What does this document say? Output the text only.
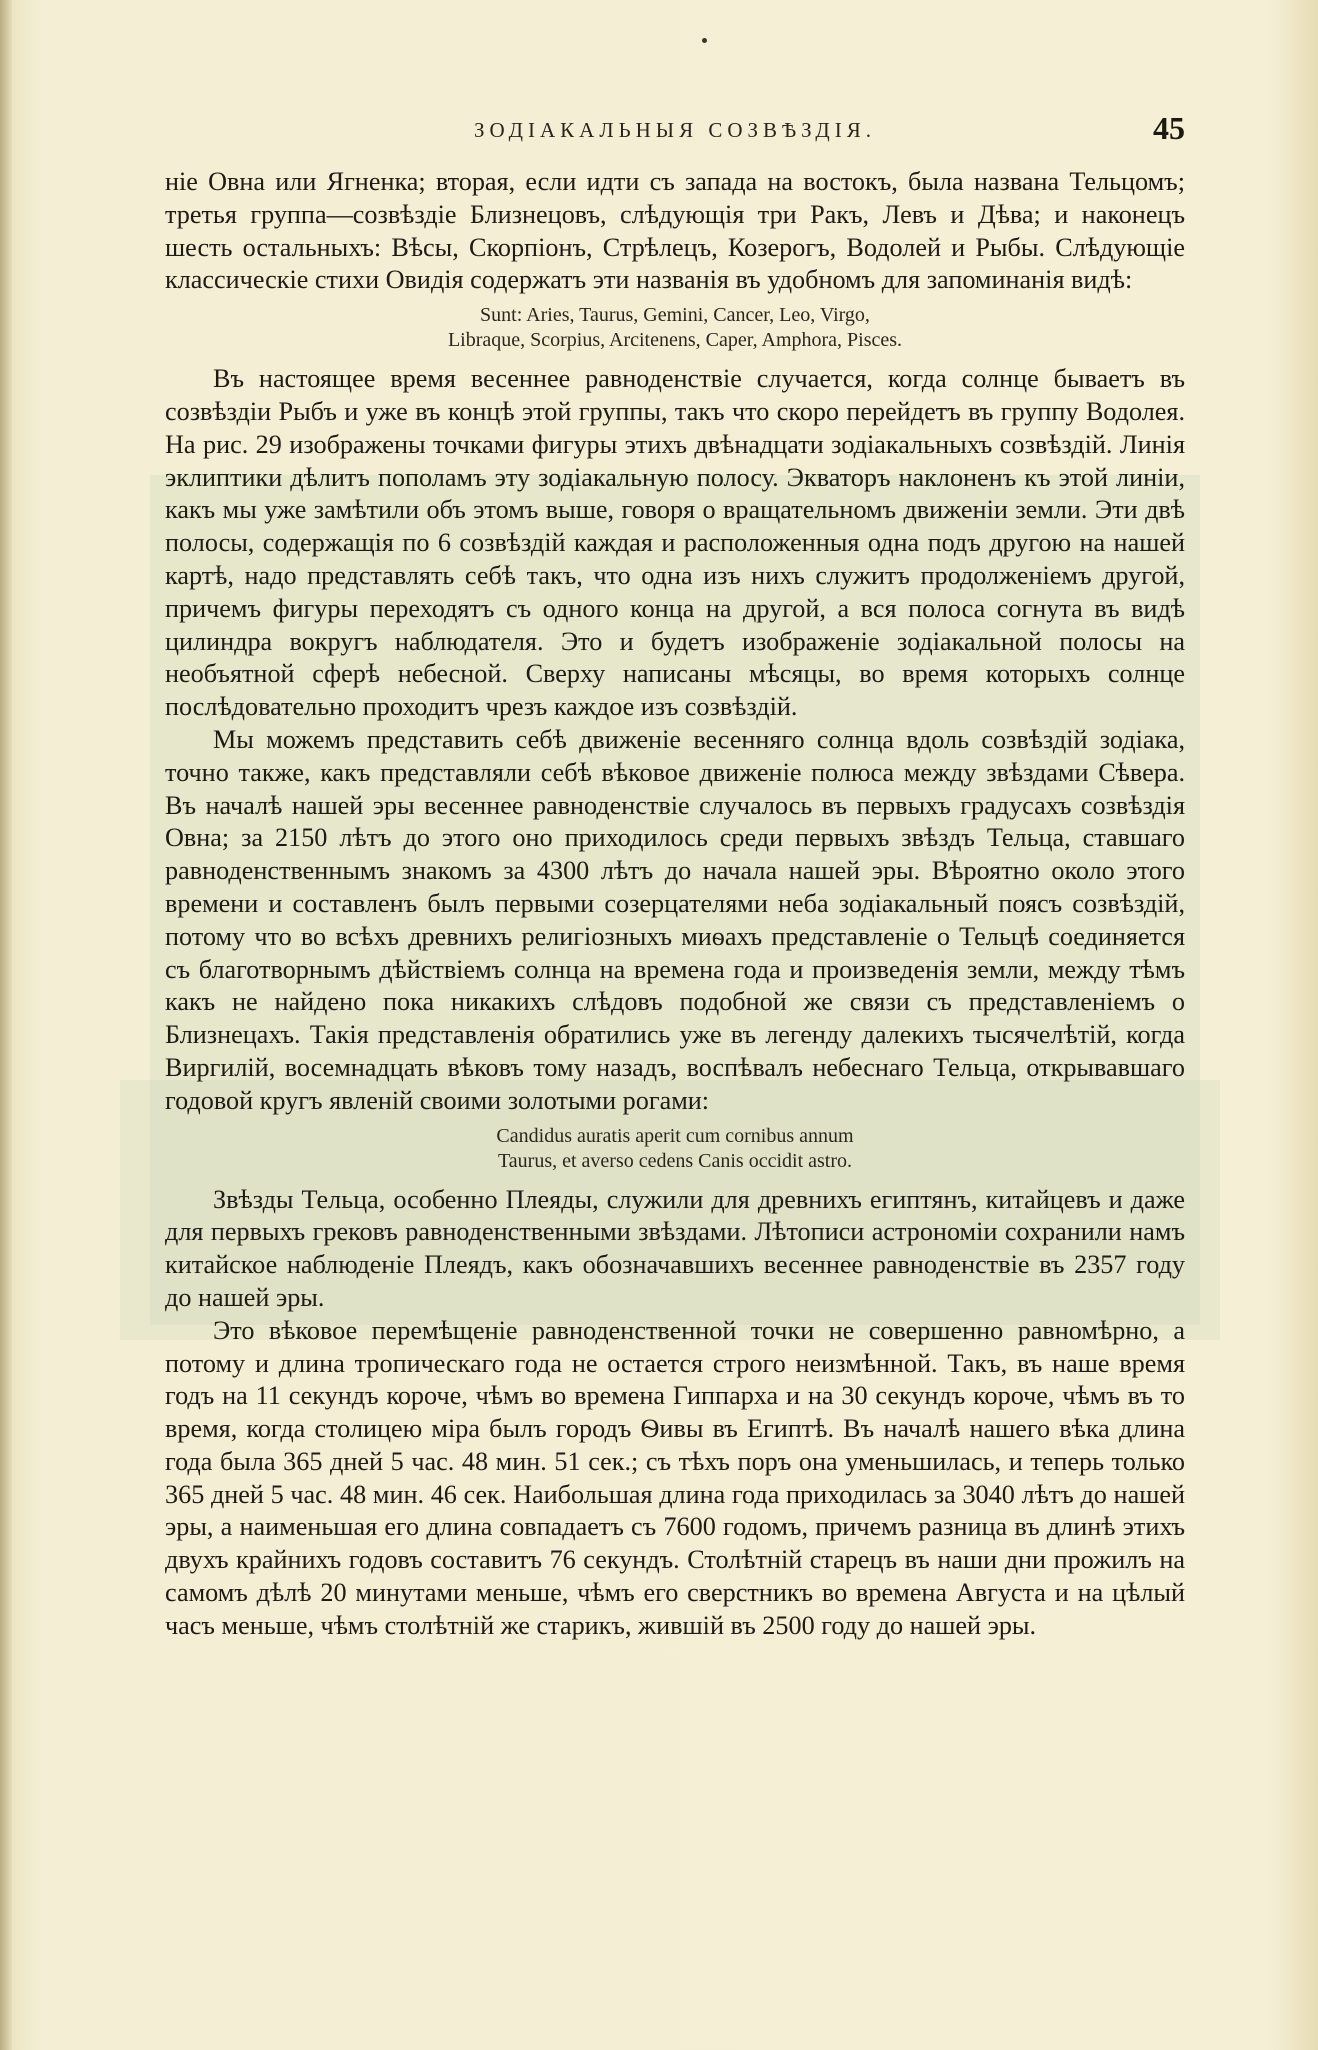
ЗОДІАКАЛЬНЫЯ СОЗВѢЗДІЯ.	45

ніе Овна или Ягненка; вторая, если идти съ запада на востокъ, была названа Тельцомъ; третья группа—созвѣздіе Близнецовъ, слѣдующія три Ракъ, Левъ и Дѣва; и наконецъ шесть остальныхъ: Вѣсы, Скорпіонъ, Стрѣлецъ, Козерогъ, Водолей и Рыбы. Слѣдующіе классическіе стихи Овидія содержатъ эти названія въ удобномъ для запоминанія видѣ:

Sunt: Aries, Taurus, Gemini, Cancer, Leo, Virgo,
Libraque, Scorpius, Arcitenens, Caper, Amphora, Pisces.

Въ настоящее время весеннее равноденствіе случается, когда солнце бываетъ въ созвѣздіи Рыбъ и уже въ концѣ этой группы, такъ что скоро перейдетъ въ группу Водолея. На рис. 29 изображены точками фигуры этихъ двѣнадцати зодіакальныхъ созвѣздій. Линія эклиптики дѣлитъ пополамъ эту зодіакальную полосу. Экваторъ наклоненъ къ этой линіи, какъ мы уже замѣтили объ этомъ выше, говоря о вращательномъ движеніи земли. Эти двѣ полосы, содержащія по 6 созвѣздій каждая и расположенныя одна подъ другою на нашей картѣ, надо представлять себѣ такъ, что одна изъ нихъ служитъ продолженіемъ другой, причемъ фигуры переходятъ съ одного конца на другой, а вся полоса согнута въ видѣ цилиндра вокругъ наблюдателя. Это и будетъ изображеніе зодіакальной полосы на необъятной сферѣ небесной. Сверху написаны мѣсяцы, во время которыхъ солнце послѣдовательно проходитъ чрезъ каждое изъ созвѣздій.

Мы можемъ представить себѣ движеніе весенняго солнца вдоль созвѣздій зодіака, точно также, какъ представляли себѣ вѣковое движеніе полюса между звѣздами Сѣвера. Въ началѣ нашей эры весеннее равноденствіе случалось въ первыхъ градусахъ созвѣздія Овна; за 2150 лѣтъ до этого оно приходилось среди первыхъ звѣздъ Тельца, ставшаго равноденственнымъ знакомъ за 4300 лѣтъ до начала нашей эры. Вѣроятно около этого времени и составленъ былъ первыми созерцателями неба зодіакальный поясъ созвѣздій, потому что во всѣхъ древнихъ религіозныхъ миѳахъ представленіе о Тельцѣ соединяется съ благотворнымъ дѣйствіемъ солнца на времена года и произведенія земли, между тѣмъ какъ не найдено пока никакихъ слѣдовъ подобной же связи съ представленіемъ о Близнецахъ. Такія представленія обратились уже въ легенду далекихъ тысячелѣтій, когда Виргилій, восемнадцать вѣковъ тому назадъ, воспѣвалъ небеснаго Тельца, открывавшаго годовой кругъ явленій своими золотыми рогами:

Candidus auratis aperit cum cornibus annum
Taurus, et averso cedens Canis occidit astro.

Звѣзды Тельца, особенно Плеяды, служили для древнихъ египтянъ, китайцевъ и даже для первыхъ грековъ равноденственными звѣздами. Лѣтописи астрономіи сохранили намъ китайское наблюденіе Плеядъ, какъ обозначавшихъ весеннее равноденствіе въ 2357 году до нашей эры.

Это вѣковое перемѣщеніе равноденственной точки не совершенно равномѣрно, а потому и длина тропическаго года не остается строго неизмѣнной. Такъ, въ наше время годъ на 11 секундъ короче, чѣмъ во времена Гиппарха и на 30 секундъ короче, чѣмъ въ то время, когда столицею міра былъ городъ Ѳивы въ Египтѣ. Въ началѣ нашего вѣка длина года была 365 дней 5 час. 48 мин. 51 сек.; съ тѣхъ поръ она уменьшилась, и теперь только 365 дней 5 час. 48 мин. 46 сек. Наибольшая длина года приходилась за 3040 лѣтъ до нашей эры, а наименьшая его длина совпадаетъ съ 7600 годомъ, причемъ разница въ длинѣ этихъ двухъ крайнихъ годовъ составитъ 76 секундъ. Столѣтній старецъ въ наши дни прожилъ на самомъ дѣлѣ 20 минутами меньше, чѣмъ его сверстникъ во времена Августа и на цѣлый часъ меньше, чѣмъ столѣтній же старикъ, жившій въ 2500 году до нашей эры.
